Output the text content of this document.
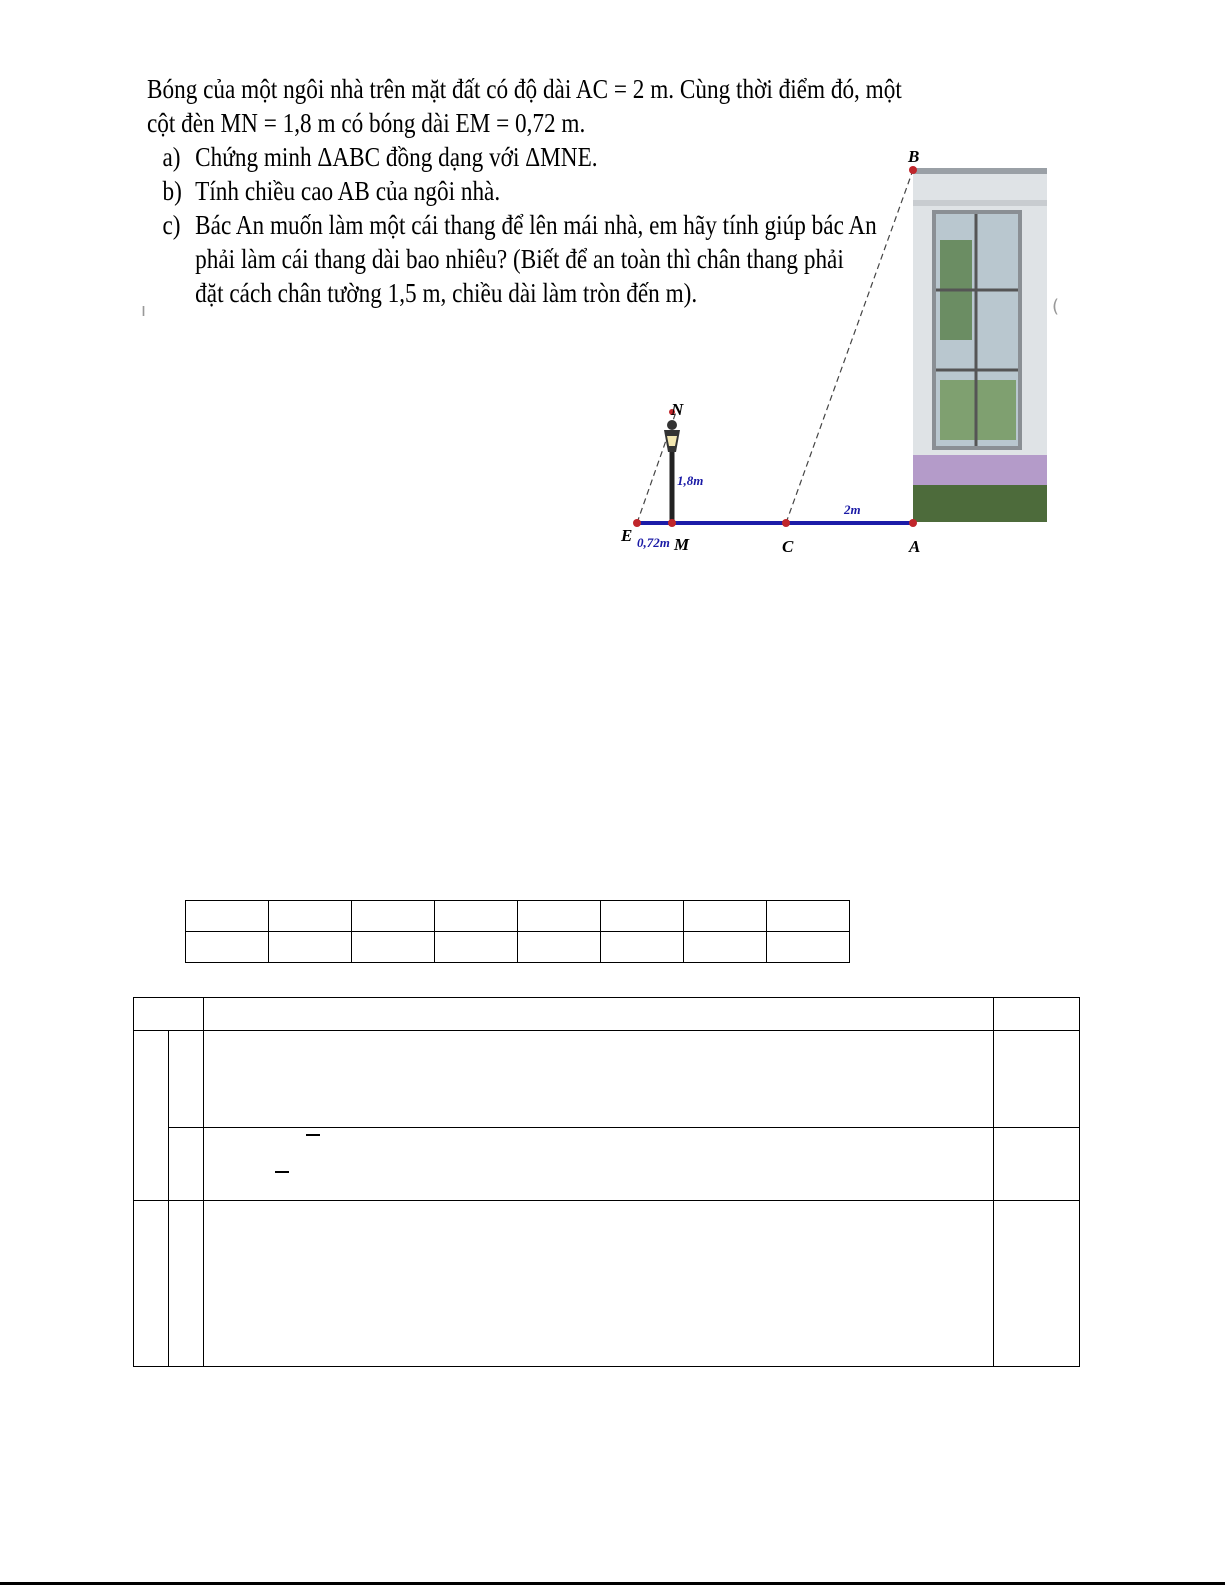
Bóng của một ngôi nhà trên mặt đất có độ dài AC = 2 m. Cùng thời điểm đó, một
cột đèn MN = 1,8 m có bóng dài EM = 0,72 m.
a) Chứng minh ΔABC đồng dạng với ΔMNE.
b) Tính chiều cao AB của ngôi nhà.
c) Bác An muốn làm một cái thang để lên mái nhà, em hãy tính giúp bác An
phải làm cái thang dài bao nhiêu? (Biết để an toàn thì chân thang phải
đặt cách chân tường 1,5 m, chiều dài làm tròn đến m).
ı	(
E M	C	A
B
N
1,8m
0,72m
2m
